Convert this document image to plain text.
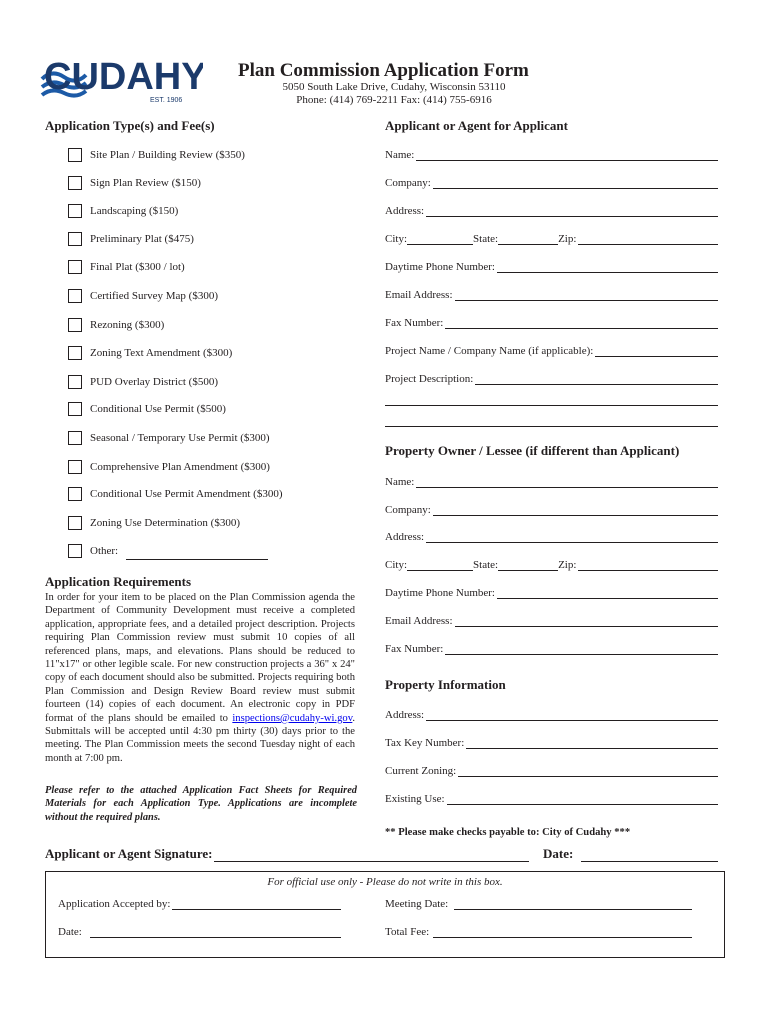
CUDAHY
EST. 1906
Plan Commission Application Form
5050 South Lake Drive, Cudahy, Wisconsin 53110
Phone: (414) 769-2211 Fax: (414) 755-6916
Application Type(s) and Fee(s)
Site Plan / Building Review ($350)
Sign Plan Review ($150)
Landscaping ($150)
Preliminary Plat ($475)
Final Plat ($300 / lot)
Certified Survey Map ($300)
Rezoning ($300)
Zoning Text Amendment ($300)
PUD Overlay District ($500)
Conditional Use Permit ($500)
Seasonal / Temporary Use Permit ($300)
Comprehensive Plan Amendment ($300)
Conditional Use Permit Amendment ($300)
Zoning Use Determination ($300)
Other:
Application Requirements
In order for your item to be placed on the Plan Commission agenda the Department of Community Development must receive a completed application, appropriate fees, and a detailed project description. Projects requiring Plan Commission review must submit 10 copies of all referenced plans, maps, and elevations. Plans should be reduced to 11"x17" or other legible scale. For new construction projects a 36" x 24" copy of each document should also be submitted. Projects requiring both Plan Commission and Design Review Board review must submit fourteen (14) copies of each document. An electronic copy in PDF format of the plans should be emailed to inspections@cudahy-wi.gov. Submittals will be accepted until 4:30 pm thirty (30) days prior to the meeting. The Plan Commission meets the second Tuesday night of each month at 7:00 pm.
Please refer to the attached Application Fact Sheets for Required Materials for each Application Type. Applications are incomplete without the required plans.
Applicant or Agent for Applicant
Name:
Company:
Address:
City:	State:	Zip:
Daytime Phone Number:
Email Address:
Fax Number:
Project Name / Company Name (if applicable):
Project Description:
Property Owner / Lessee (if different than Applicant)
Name:
Company:
Address:
City:	State:	Zip:
Daytime Phone Number:
Email Address:
Fax Number:
Property Information
Address:
Tax Key Number:
Current Zoning:
Existing Use:
** Please make checks payable to: City of Cudahy ***
Applicant or Agent Signature:	Date:
For official use only - Please do not write in this box.
Application Accepted by:	Meeting Date:
Date:	Total Fee:
